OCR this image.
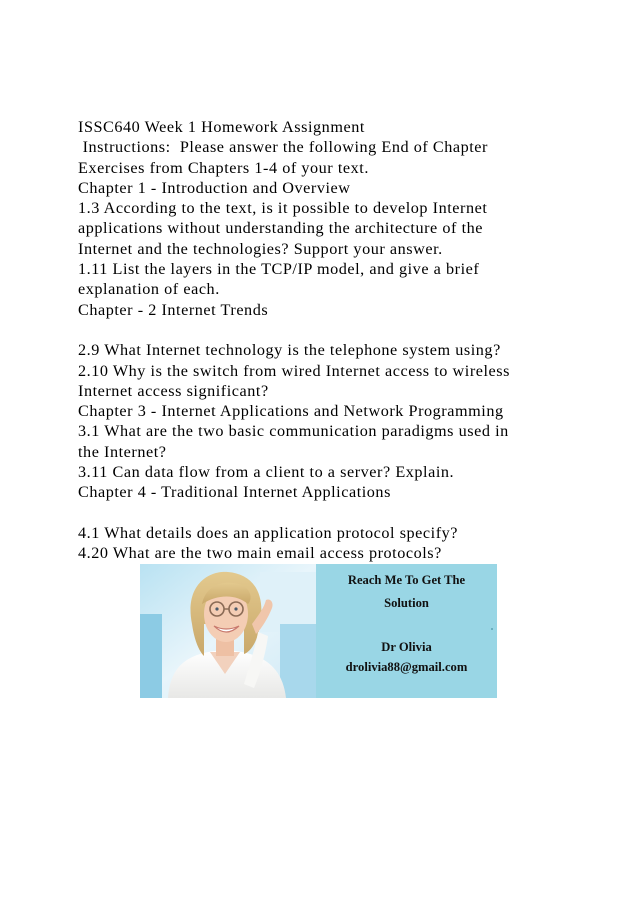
ISSC640 Week 1 Homework Assignment
Instructions:  Please answer the following End of Chapter
Exercises from Chapters 1-4 of your text.
Chapter 1 - Introduction and Overview
1.3 According to the text, is it possible to develop Internet
applications without understanding the architecture of the
Internet and the technologies? Support your answer.
1.11 List the layers in the TCP/IP model, and give a brief
explanation of each.
Chapter - 2 Internet Trends
2.9 What Internet technology is the telephone system using?
2.10 Why is the switch from wired Internet access to wireless
Internet access significant?
Chapter 3 - Internet Applications and Network Programming
3.1 What are the two basic communication paradigms used in
the Internet?
3.11 Can data flow from a client to a server? Explain.
Chapter 4 - Traditional Internet Applications
4.1 What details does an application protocol specify?
4.20 What are the two main email access protocols?
Reach Me To Get The
Solution
Dr Olivia
drolivia88@gmail.com
